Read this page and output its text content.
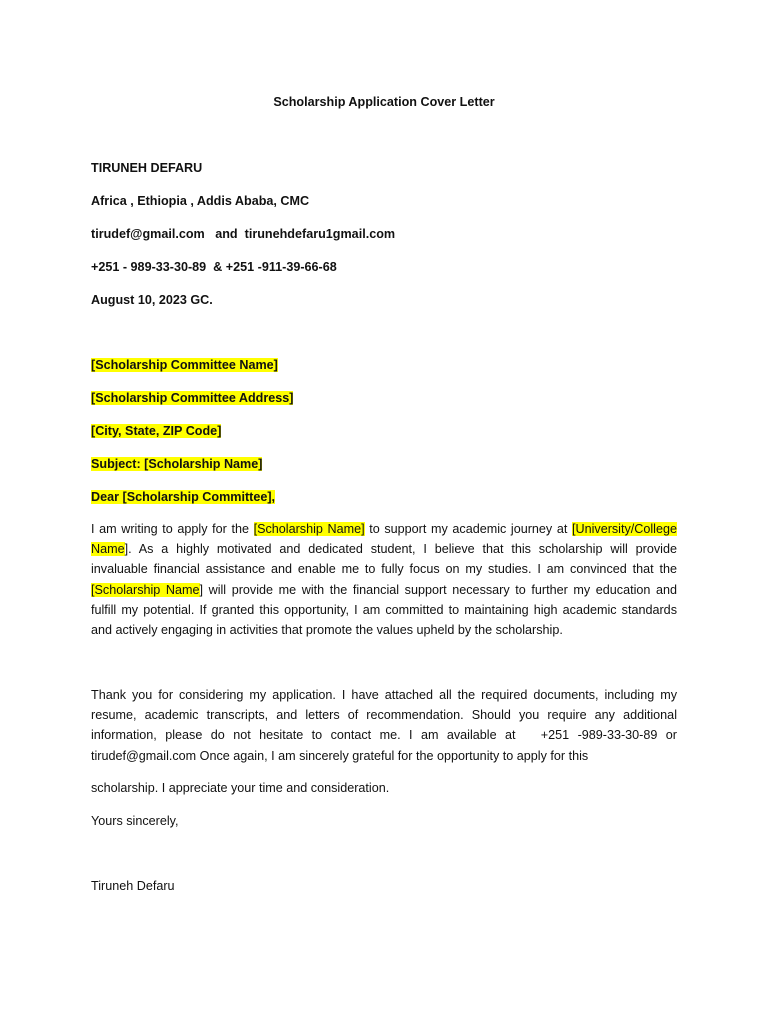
Scholarship Application Cover Letter
TIRUNEH DEFARU
Africa , Ethiopia , Addis Ababa, CMC
tirudef@gmail.com   and  tirunehdefaru1gmail.com
+251 - 989-33-30-89  & +251 -911-39-66-68
August 10, 2023 GC.
[Scholarship Committee Name]
[Scholarship Committee Address]
[City, State, ZIP Code]
Subject: [Scholarship Name]
Dear [Scholarship Committee],
I am writing to apply for the [Scholarship Name] to support my academic journey at [University/College
Name]. As a highly motivated and dedicated student, I believe that this scholarship will provide
invaluable financial assistance and enable me to fully focus on my studies. I am convinced that the
[Scholarship Name] will provide me with the financial support necessary to further my education and
fulfill my potential. If granted this opportunity, I am committed to maintaining high academic standards
and actively engaging in activities that promote the values upheld by the scholarship.
Thank you for considering my application. I have attached all the required documents, including my
resume, academic transcripts, and letters of recommendation. Should you require any additional
information, please do not hesitate to contact me. I am available at   +251 -989-33-30-89 or
tirudef@gmail.com Once again, I am sincerely grateful for the opportunity to apply for this
scholarship. I appreciate your time and consideration.
Yours sincerely,
Tiruneh Defaru
